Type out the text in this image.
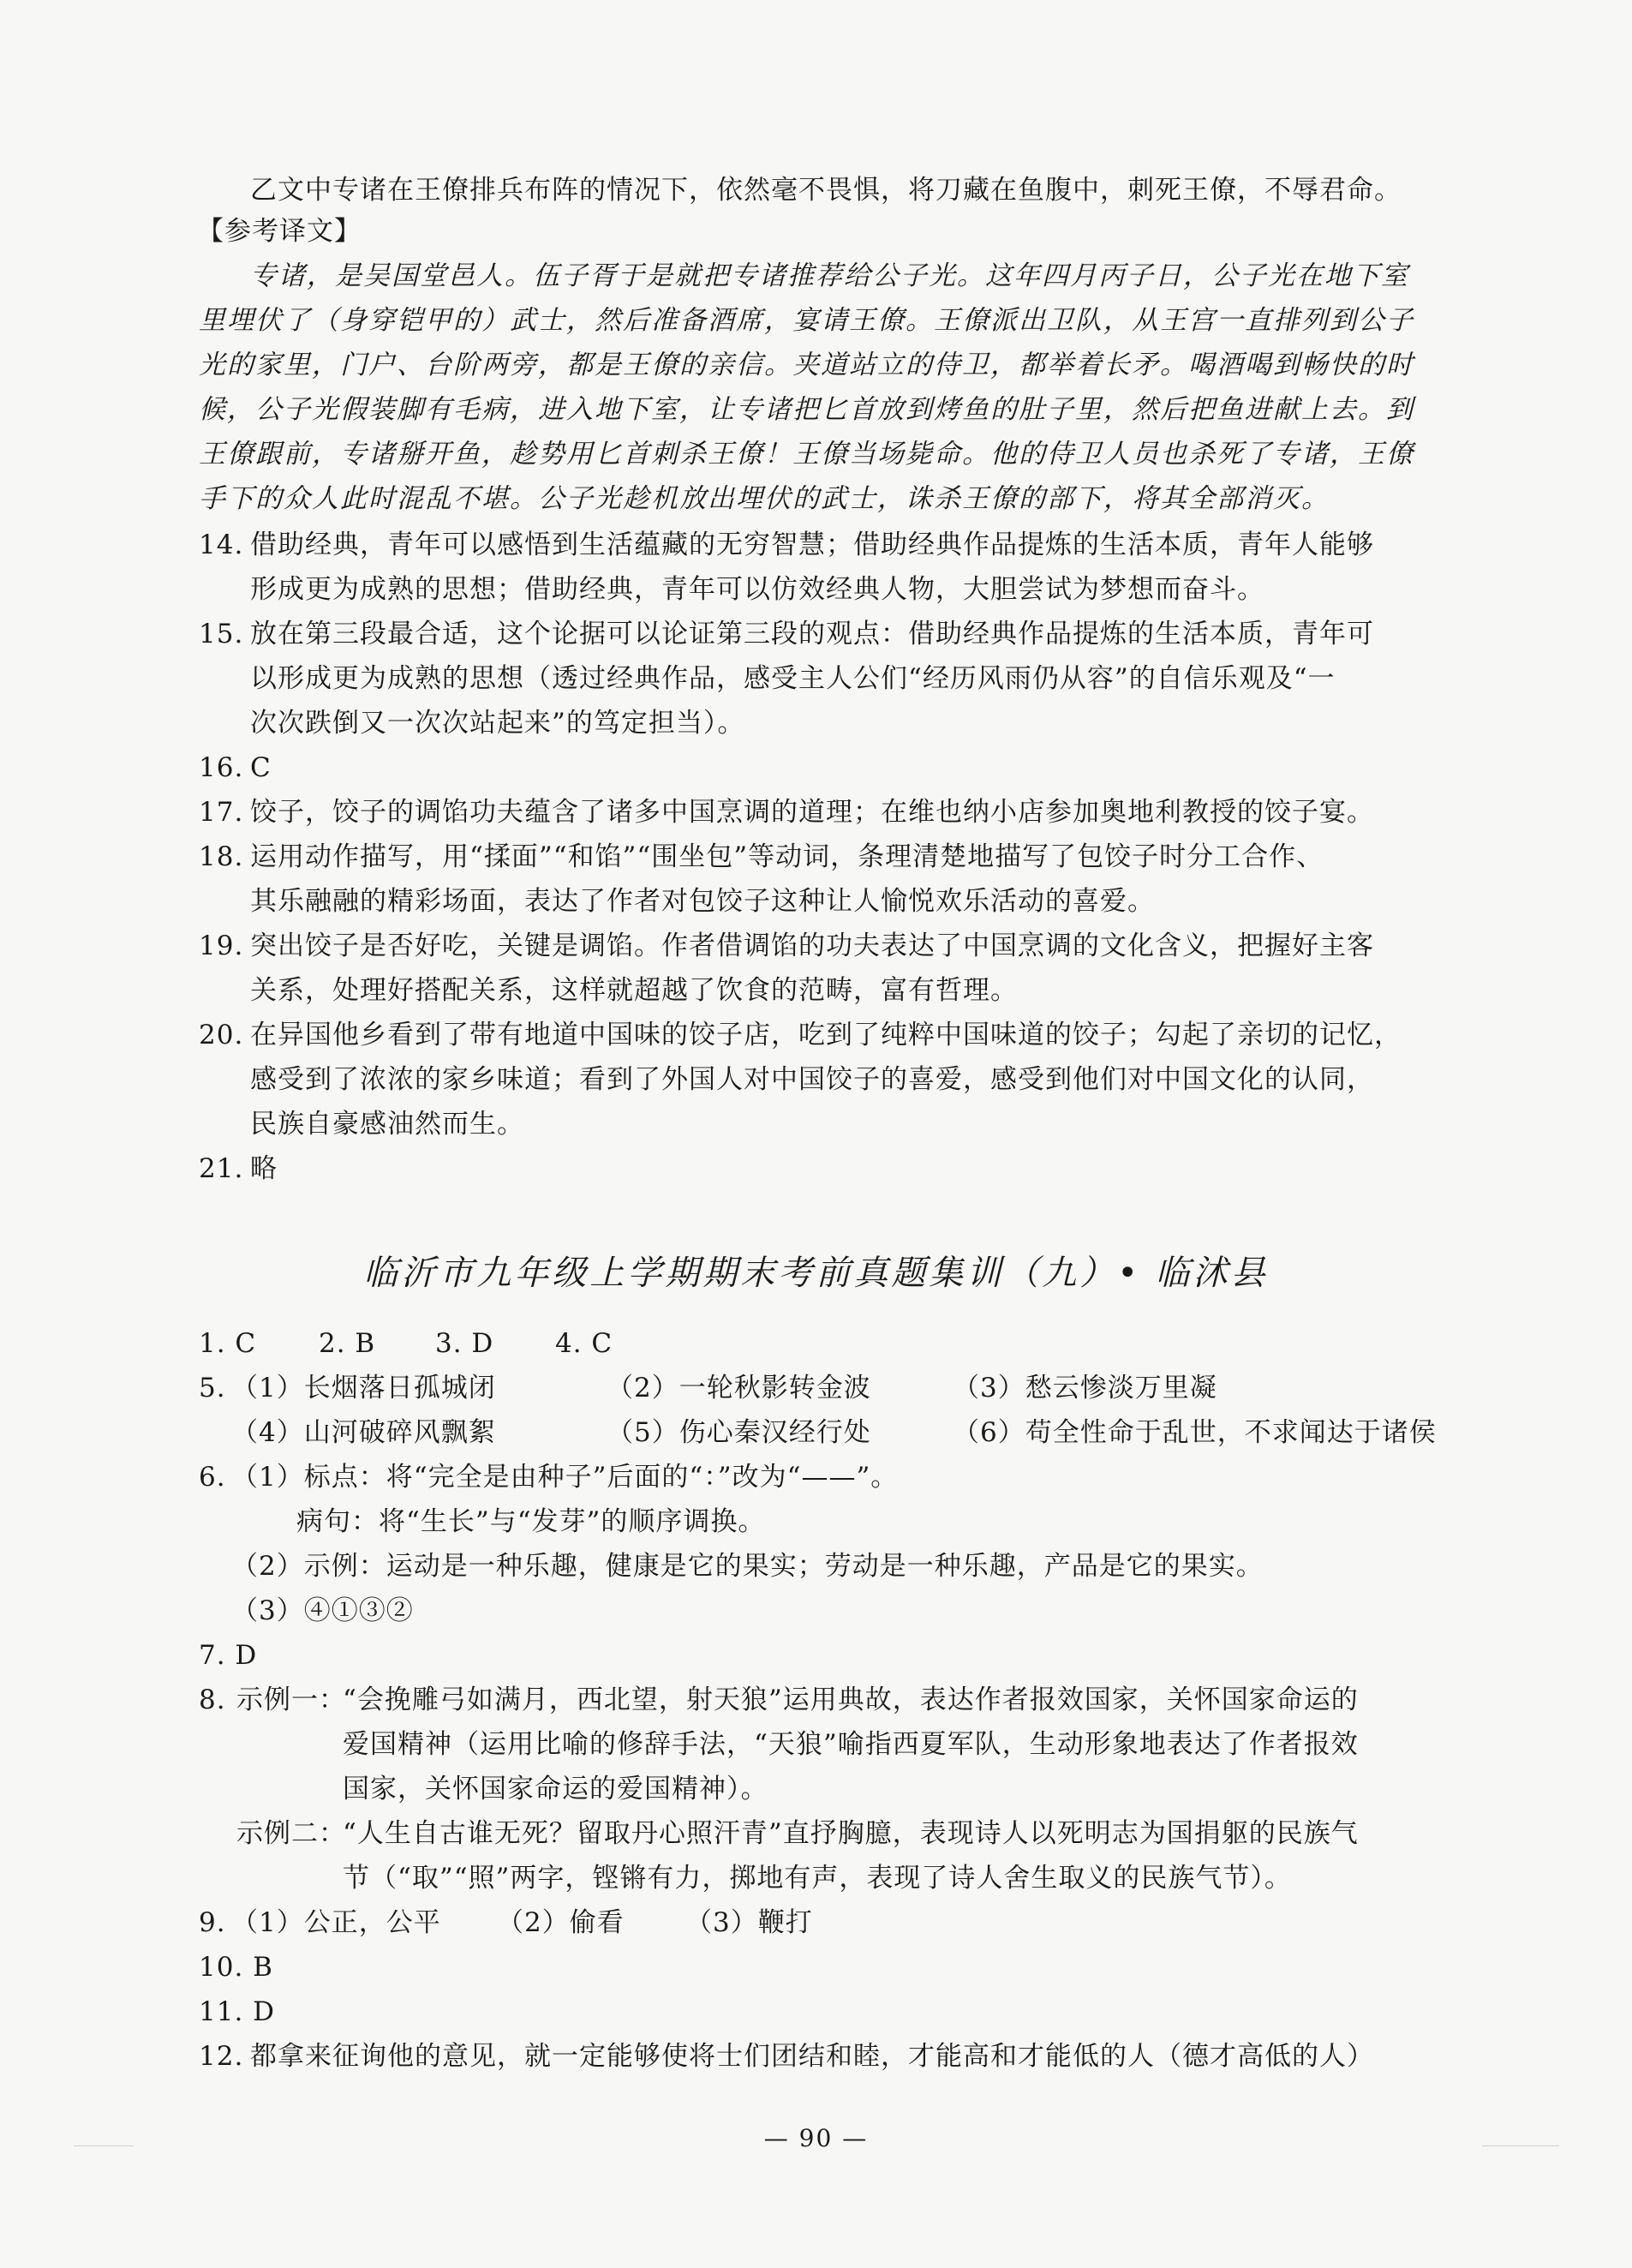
乙文中专诸在王僚排兵布阵的情况下，依然毫不畏惧，将刀藏在鱼腹中，刺死王僚，不辱君命。
【参考译文】
专诸，是吴国堂邑人。伍子胥于是就把专诸推荐给公子光。这年四月丙子日，公子光在地下室
里埋伏了（身穿铠甲的）武士，然后准备酒席，宴请王僚。王僚派出卫队，从王宫一直排列到公子
光的家里，门户、台阶两旁，都是王僚的亲信。夹道站立的侍卫，都举着长矛。喝酒喝到畅快的时
候，公子光假装脚有毛病，进入地下室，让专诸把匕首放到烤鱼的肚子里，然后把鱼进献上去。到
王僚跟前，专诸掰开鱼，趁势用匕首刺杀王僚！王僚当场毙命。他的侍卫人员也杀死了专诸，王僚
手下的众人此时混乱不堪。公子光趁机放出埋伏的武士，诛杀王僚的部下，将其全部消灭。
14. 借助经典，青年可以感悟到生活蕴藏的无穷智慧；借助经典作品提炼的生活本质，青年人能够
形成更为成熟的思想；借助经典，青年可以仿效经典人物，大胆尝试为梦想而奋斗。
15. 放在第三段最合适，这个论据可以论证第三段的观点：借助经典作品提炼的生活本质，青年可
以形成更为成熟的思想（透过经典作品，感受主人公们“经历风雨仍从容”的自信乐观及“一
次次跌倒又一次次站起来”的笃定担当）。
16. C
17. 饺子，饺子的调馅功夫蕴含了诸多中国烹调的道理；在维也纳小店参加奥地利教授的饺子宴。
18. 运用动作描写，用“揉面”“和馅”“围坐包”等动词，条理清楚地描写了包饺子时分工合作、
其乐融融的精彩场面，表达了作者对包饺子这种让人愉悦欢乐活动的喜爱。
19. 突出饺子是否好吃，关键是调馅。作者借调馅的功夫表达了中国烹调的文化含义，把握好主客
关系，处理好搭配关系，这样就超越了饮食的范畴，富有哲理。
20. 在异国他乡看到了带有地道中国味的饺子店，吃到了纯粹中国味道的饺子；勾起了亲切的记忆，
感受到了浓浓的家乡味道；看到了外国人对中国饺子的喜爱，感受到他们对中国文化的认同，
民族自豪感油然而生。
21. 略
临沂市九年级上学期期末考前真题集训（九）• 临沭县
1. C 2. B 3. D 4. C
5. （1）长烟落日孤城闭	（2）一轮秋影转金波	（3）愁云惨淡万里凝
（4）山河破碎风飘絮	（5）伤心秦汉经行处	（6）苟全性命于乱世，不求闻达于诸侯
6. （1）标点：将“完全是由种子”后面的“：”改为“——”。
病句：将“生长”与“发芽”的顺序调换。
（2）示例：运动是一种乐趣，健康是它的果实；劳动是一种乐趣，产品是它的果实。
（3）④①③②
7. D
8. 示例一：
“会挽雕弓如满月，西北望，射天狼”运用典故，表达作者报效国家，关怀国家命运的
爱国精神（运用比喻的修辞手法，“天狼”喻指西夏军队，生动形象地表达了作者报效
国家，关怀国家命运的爱国精神）。
示例二：
“人生自古谁无死？留取丹心照汗青”直抒胸臆，表现诗人以死明志为国捐躯的民族气
节（“取”“照”两字，铿锵有力，掷地有声，表现了诗人舍生取义的民族气节）。
9. （1）公正，公平 （2）偷看 （3）鞭打
10. B
11. D
12. 都拿来征询他的意见，就一定能够使将士们团结和睦，才能高和才能低的人（德才高低的人）
— 90 —
